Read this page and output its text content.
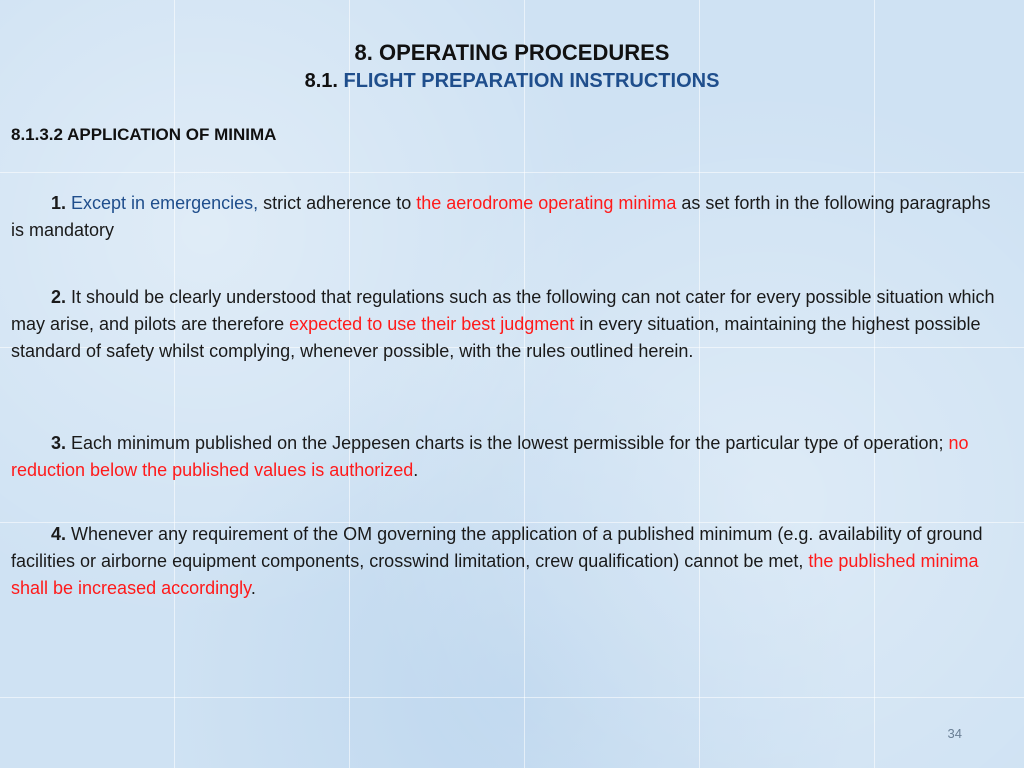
8. OPERATING PROCEDURES
8.1. FLIGHT PREPARATION INSTRUCTIONS
8.1.3.2 APPLICATION OF MINIMA
1. Except in emergencies, strict adherence to the aerodrome operating minima as set forth in the following paragraphs is mandatory
2. It should be clearly understood that regulations such as the following can not cater for every possible situation which may arise, and pilots are therefore expected to use their best judgment in every situation, maintaining the highest possible standard of safety whilst complying, whenever possible, with the rules outlined herein.
3. Each minimum published on the Jeppesen charts is the lowest permissible for the particular type of operation; no reduction below the published values is authorized.
4. Whenever any requirement of the OM governing the application of a published minimum (e.g. availability of ground facilities or airborne equipment components, crosswind limitation, crew qualification) cannot be met, the published minima shall be increased accordingly.
34
